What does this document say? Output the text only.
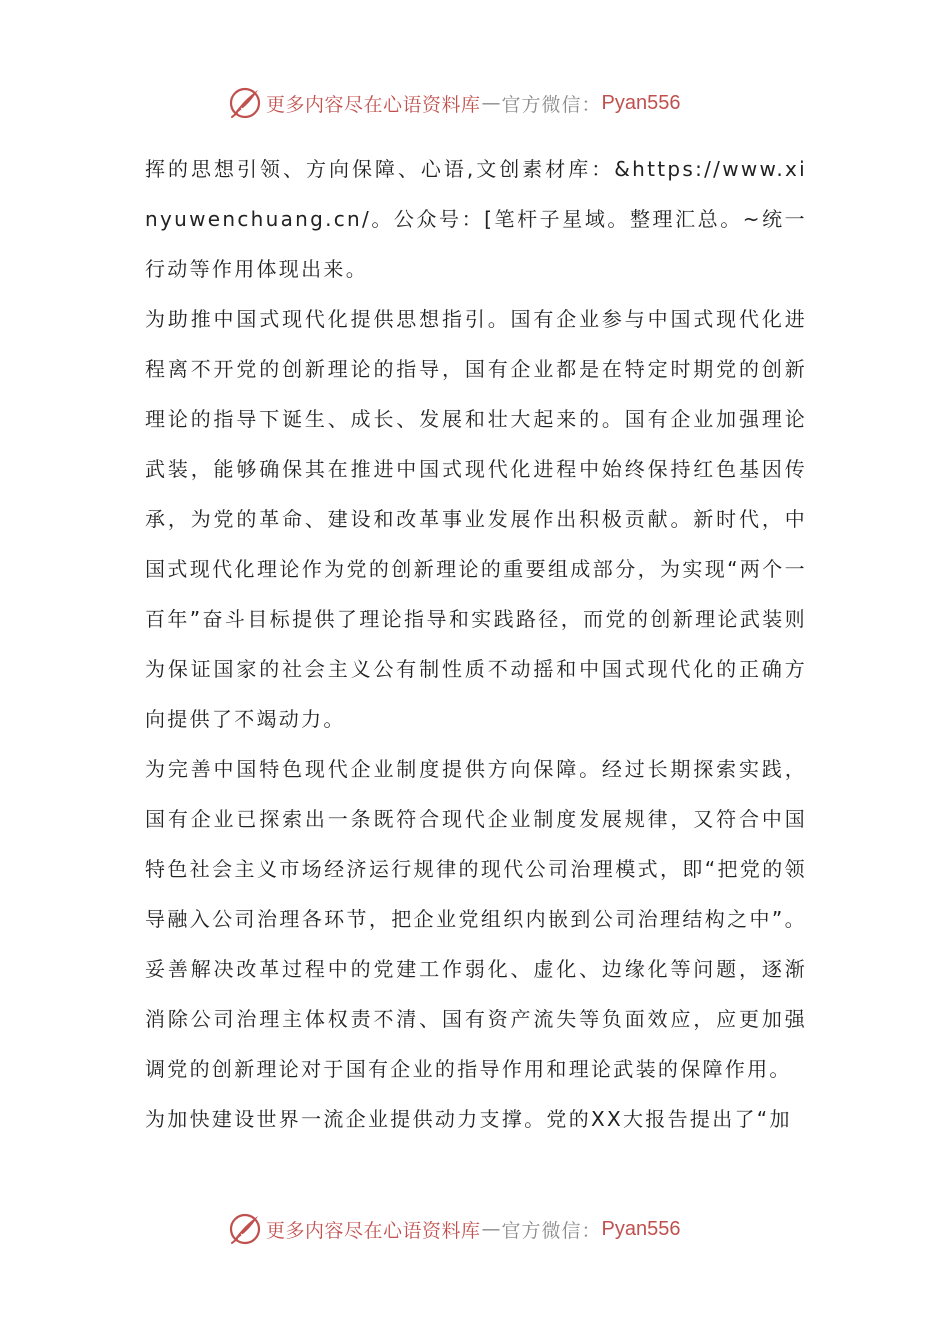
更多内容尽在心语资料库 — 官方微信： Pyan556

挥的思想引领、方向保障、心语,文创素材库：&https://www.xinyuwenchuang.cn/。公众号：[笔杆子星域。整理汇总。~统一行动等作用体现出来。

为助推中国式现代化提供思想指引。国有企业参与中国式现代化进程离不开党的创新理论的指导，国有企业都是在特定时期党的创新理论的指导下诞生、成长、发展和壮大起来的。国有企业加强理论武装，能够确保其在推进中国式现代化进程中始终保持红色基因传承，为党的革命、建设和改革事业发展作出积极贡献。新时代，中国式现代化理论作为党的创新理论的重要组成部分，为实现“两个一百年”奋斗目标提供了理论指导和实践路径，而党的创新理论武装则为保证国家的社会主义公有制性质不动摇和中国式现代化的正确方向提供了不竭动力。

为完善中国特色现代企业制度提供方向保障。经过长期探索实践，国有企业已探索出一条既符合现代企业制度发展规律，又符合中国特色社会主义市场经济运行规律的现代公司治理模式，即“把党的领导融入公司治理各环节，把企业党组织内嵌到公司治理结构之中”。妥善解决改革过程中的党建工作弱化、虚化、边缘化等问题，逐渐消除公司治理主体权责不清、国有资产流失等负面效应，应更加强调党的创新理论对于国有企业的指导作用和理论武装的保障作用。

为加快建设世界一流企业提供动力支撑。党的XX大报告提出了“加

更多内容尽在心语资料库 — 官方微信： Pyan556
